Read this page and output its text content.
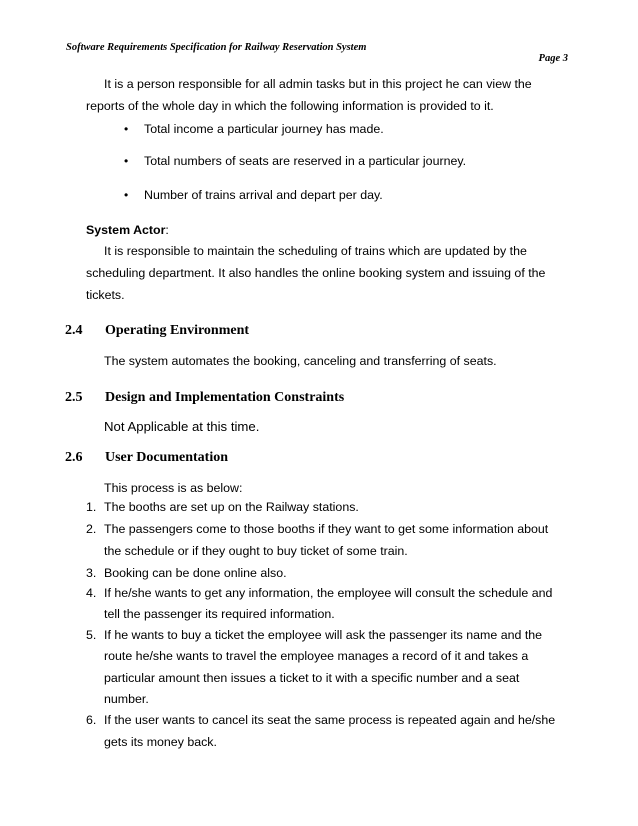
Software Requirements Specification for Railway Reservation System
Page 3
It is a person responsible for all admin tasks but in this project he can view the
reports of the whole day in which the following information is provided to it.
• Total income a particular journey has made.
• Total numbers of seats are reserved in a particular journey.
• Number of trains arrival and depart per day.
System Actor:
It is responsible to maintain the scheduling of trains which are updated by the
scheduling department. It also handles the online booking system and issuing of the
tickets.
2.4 Operating Environment
The system automates the booking, canceling and transferring of seats.
2.5 Design and Implementation Constraints
Not Applicable at this time.
2.6 User Documentation
This process is as below:
1. The booths are set up on the Railway stations.
2. The passengers come to those booths if they want to get some information about
the schedule or if they ought to buy ticket of some train.
3. Booking can be done online also.
4. If he/she wants to get any information, the employee will consult the schedule and
tell the passenger its required information.
5. If he wants to buy a ticket the employee will ask the passenger its name and the
route he/she wants to travel the employee manages a record of it and takes a
particular amount then issues a ticket to it with a specific number and a seat
number.
6. If the user wants to cancel its seat the same process is repeated again and he/she
gets its money back.
